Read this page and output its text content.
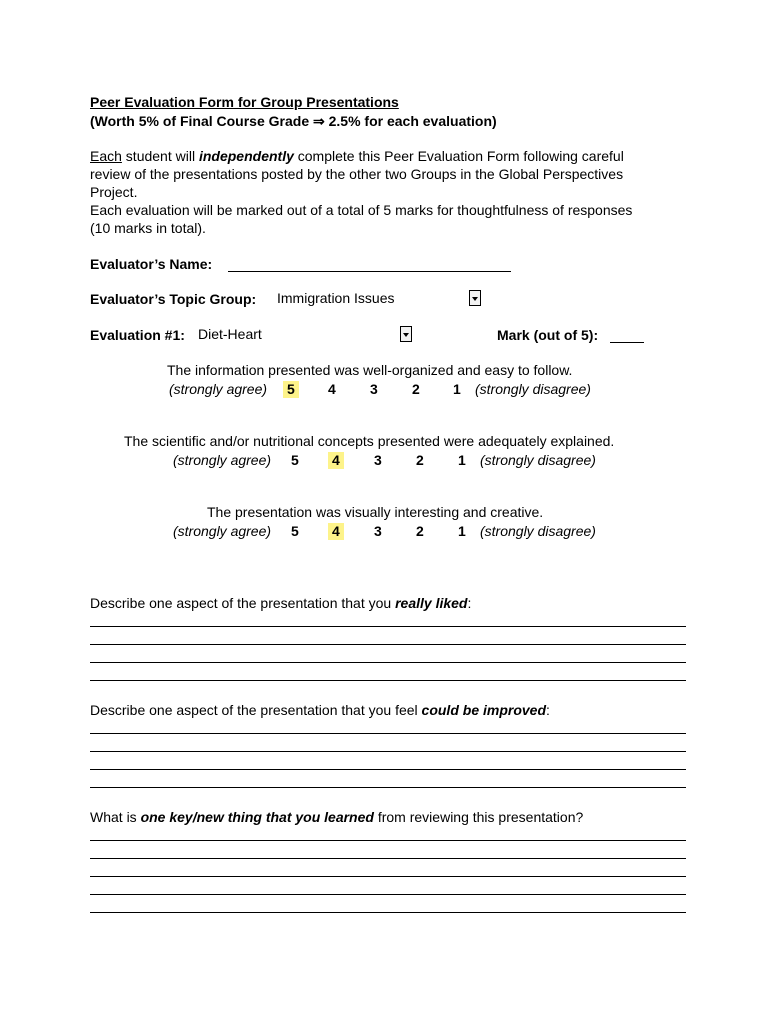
Peer Evaluation Form for Group Presentations
(Worth 5% of Final Course Grade ⇒ 2.5% for each evaluation)
Each student will independently complete this Peer Evaluation Form following careful
review of the presentations posted by the other two Groups in the Global Perspectives
Project.
Each evaluation will be marked out of a total of 5 marks for thoughtfulness of responses
(10 marks in total).
Evaluator’s Name:
Evaluator’s Topic Group: Immigration Issues
Evaluation #1: Diet-Heart	Mark (out of 5):
The information presented was well-organized and easy to follow.
(strongly agree) 5 4 3 2 1 (strongly disagree)
The scientific and/or nutritional concepts presented were adequately explained.
(strongly agree) 5 4 3 2 1 (strongly disagree)
The presentation was visually interesting and creative.
(strongly agree) 5 4 3 2 1 (strongly disagree)
Describe one aspect of the presentation that you really liked:
Describe one aspect of the presentation that you feel could be improved:
What is one key/new thing that you learned from reviewing this presentation?
